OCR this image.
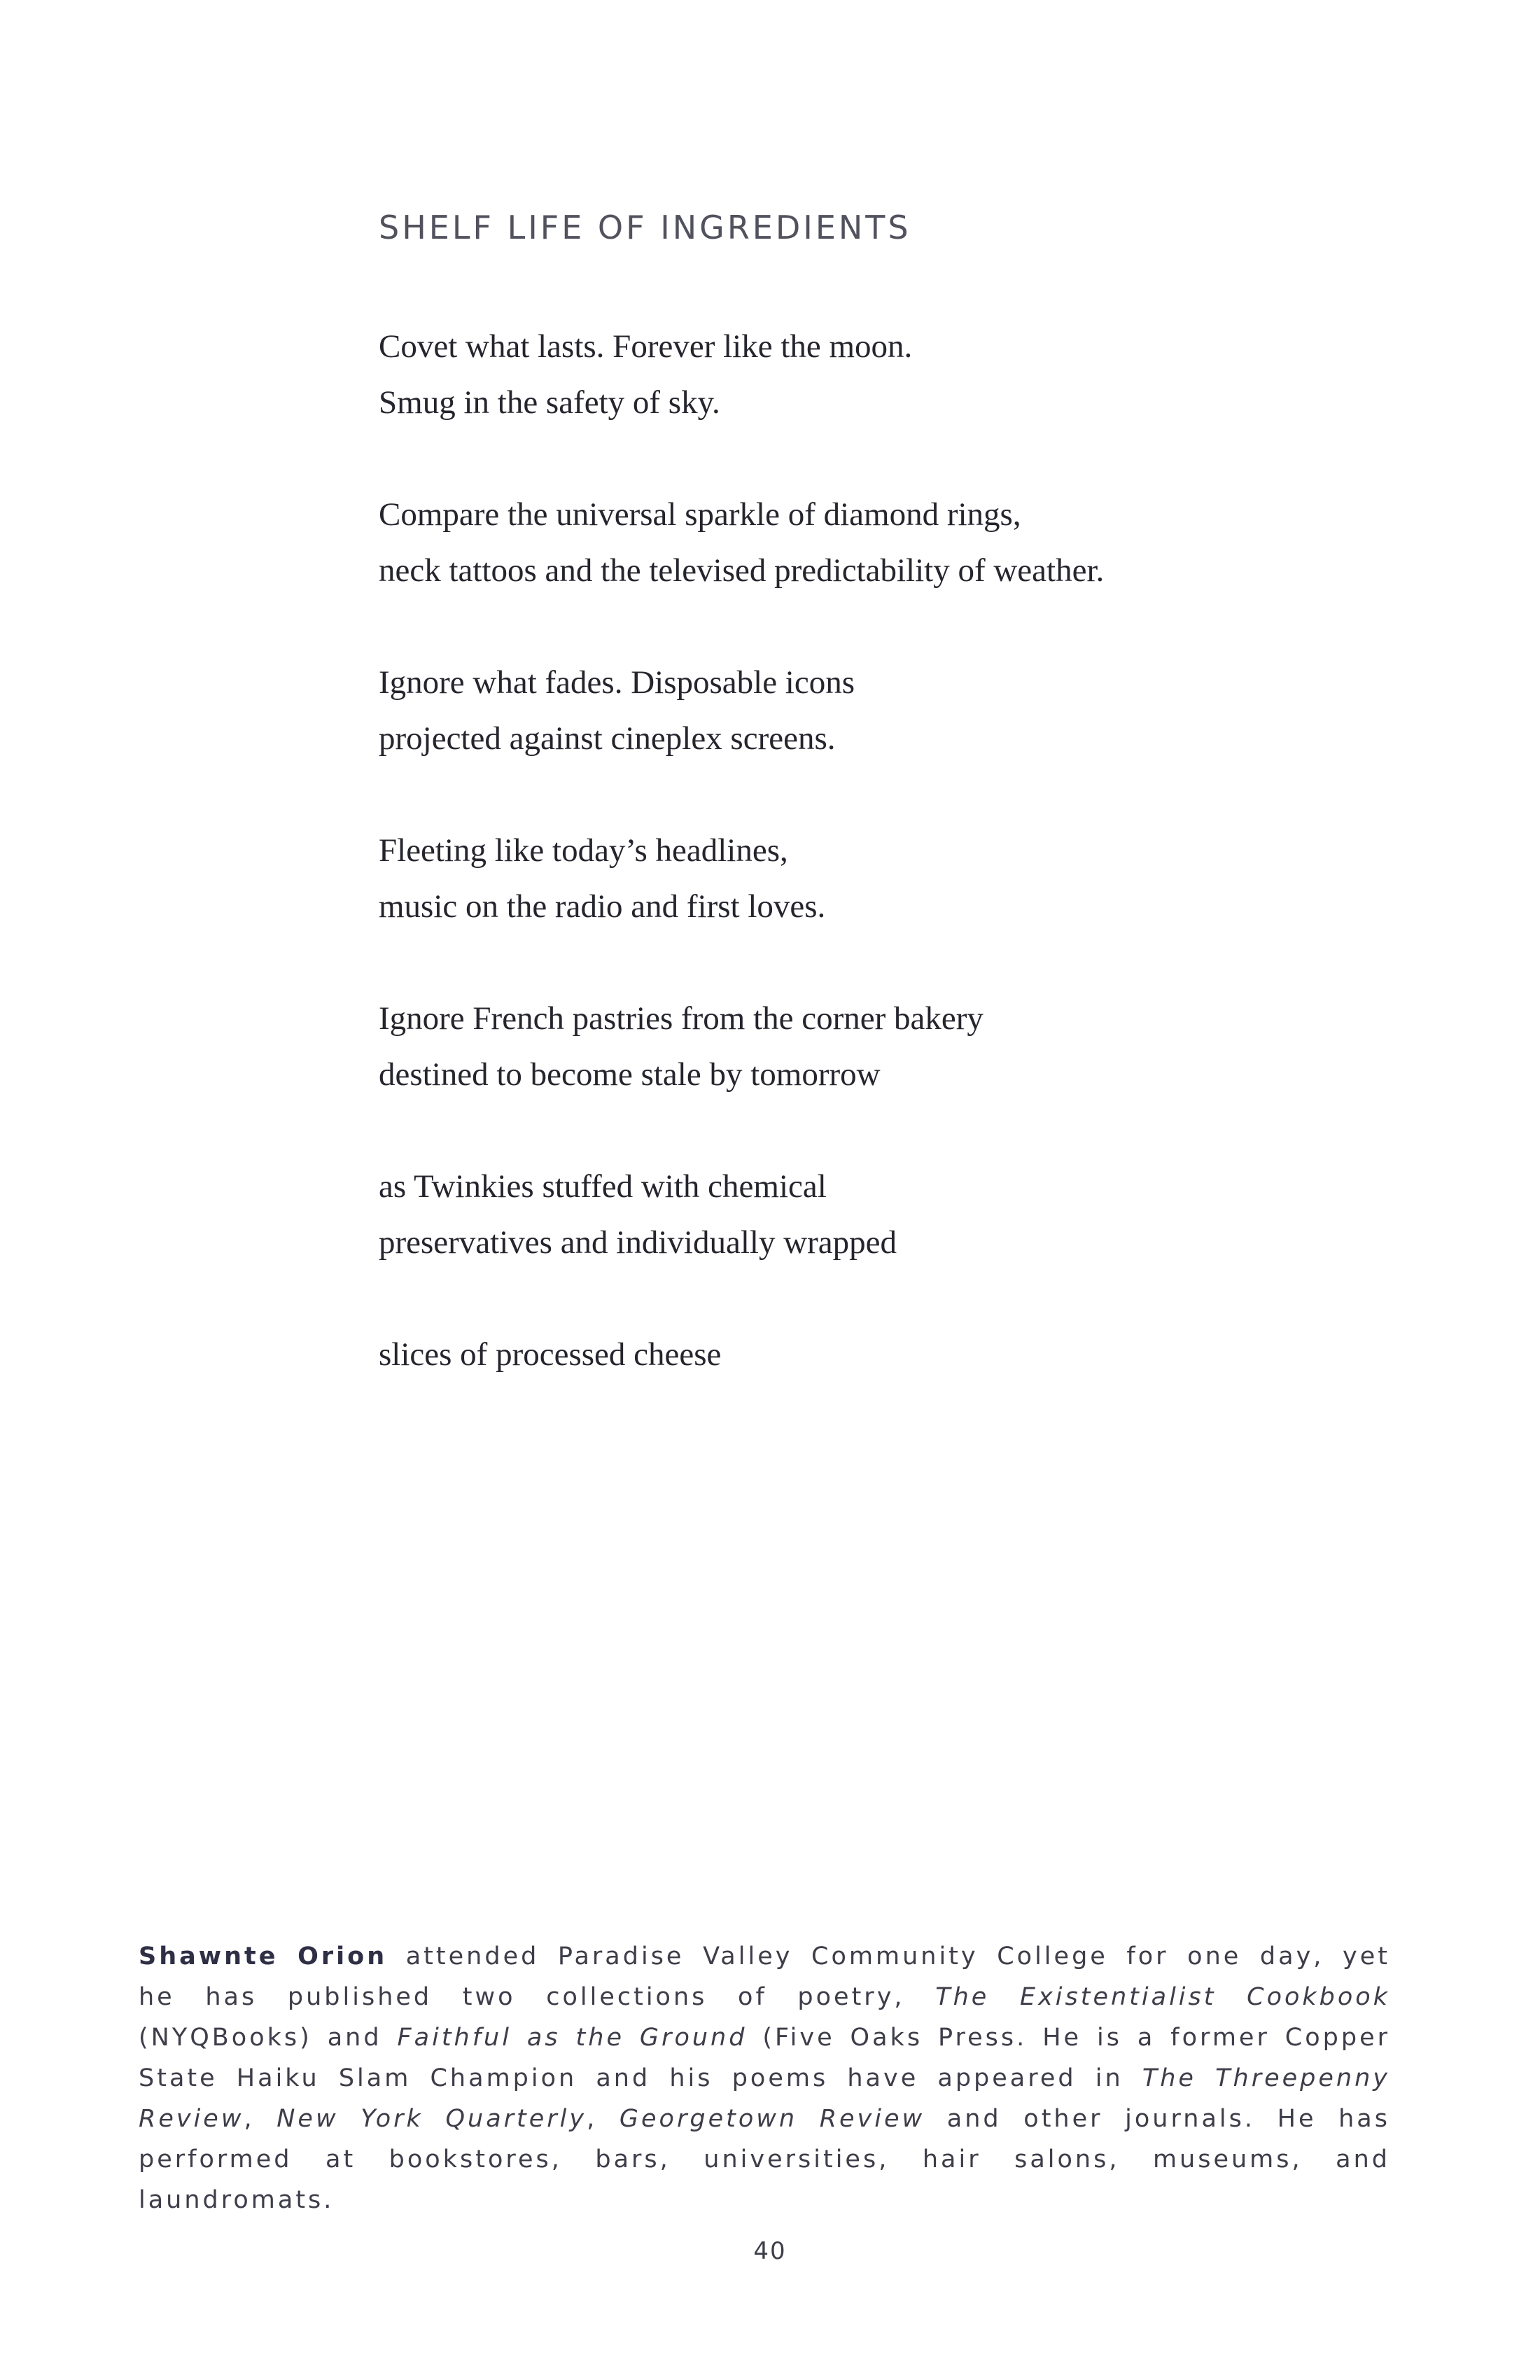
SHELF LIFE OF INGREDIENTS
Covet what lasts. Forever like the moon.
Smug in the safety of sky.
Compare the universal sparkle of diamond rings,
neck tattoos and the televised predictability of weather.
Ignore what fades. Disposable icons
projected against cineplex screens.
Fleeting like today’s headlines,
music on the radio and first loves.
Ignore French pastries from the corner bakery
destined to become stale by tomorrow
as Twinkies stuffed with chemical
preservatives and individually wrapped
slices of processed cheese

Shawnte Orion attended Paradise Valley Community College for one day, yet he has published two collections of poetry, The Existentialist Cookbook (NYQBooks) and Faithful as the Ground (Five Oaks Press. He is a former Copper State Haiku Slam Champion and his poems have appeared in The Threepenny Review, New York Quarterly, Georgetown Review and other journals. He has performed at bookstores, bars, universities, hair salons, museums, and laundromats.

40
